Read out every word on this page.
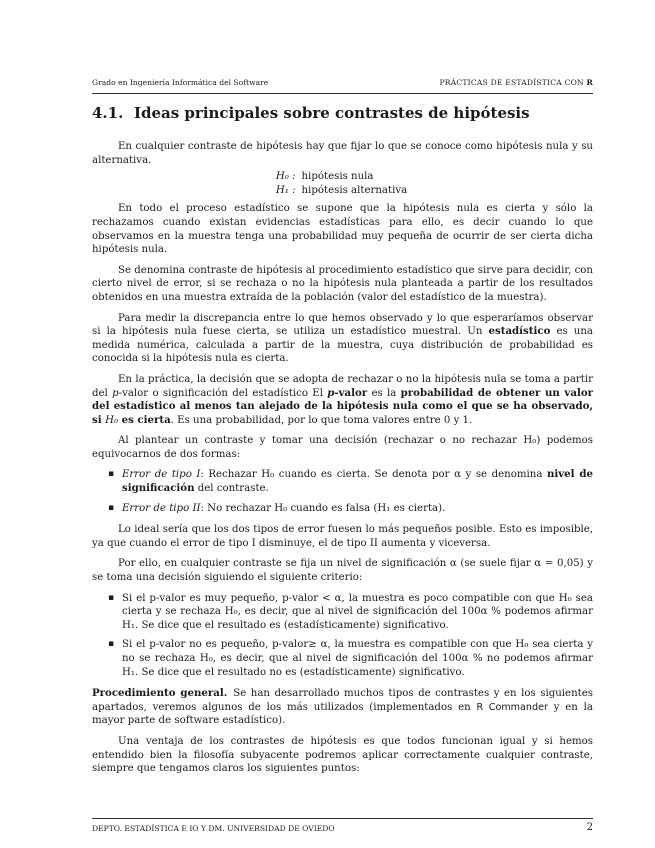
Grado en Ingeniería Informática del Software	PRÁCTICAS DE ESTADÍSTICA CON R
4.1. Ideas principales sobre contrastes de hipótesis

En cualquier contraste de hipótesis hay que fijar lo que se conoce como hipótesis nula y su alternativa.

H₀ : hipótesis nula
H₁ : hipótesis alternativa

En todo el proceso estadístico se supone que la hipótesis nula es cierta y sólo la rechazamos cuando existan evidencias estadísticas para ello, es decir cuando lo que observamos en la muestra tenga una probabilidad muy pequeña de ocurrir de ser cierta dicha hipótesis nula.

Se denomina contraste de hipótesis al procedimiento estadístico que sirve para decidir, con cierto nivel de error, si se rechaza o no la hipótesis nula planteada a partir de los resultados obtenidos en una muestra extraída de la población (valor del estadístico de la muestra).

Para medir la discrepancia entre lo que hemos observado y lo que esperaríamos observar si la hipótesis nula fuese cierta, se utiliza un estadístico muestral. Un estadístico es una medida numérica, calculada a partir de la muestra, cuya distribución de probabilidad es conocida si la hipótesis nula es cierta.

En la práctica, la decisión que se adopta de rechazar o no la hipótesis nula se toma a partir del p-valor o significación del estadístico El p-valor es la probabilidad de obtener un valor del estadístico al menos tan alejado de la hipótesis nula como el que se ha observado, si H₀ es cierta. Es una probabilidad, por lo que toma valores entre 0 y 1.

Al plantear un contraste y tomar una decisión (rechazar o no rechazar H₀) podemos equivocarnos de dos formas:

▪ Error de tipo I: Rechazar H₀ cuando es cierta. Se denota por α y se denomina nivel de significación del contraste.
▪ Error de tipo II: No rechazar H₀ cuando es falsa (H₁ es cierta).

Lo ideal sería que los dos tipos de error fuesen lo más pequeños posible. Esto es imposible, ya que cuando el error de tipo I disminuye, el de tipo II aumenta y viceversa.

Por ello, en cualquier contraste se fija un nivel de significación α (se suele fijar α = 0,05) y se toma una decisión siguiendo el siguiente criterio:

▪ Si el p-valor es muy pequeño, p-valor < α, la muestra es poco compatible con que H₀ sea cierta y se rechaza H₀, es decir, que al nivel de significación del 100α % podemos afirmar H₁. Se dice que el resultado es (estadísticamente) significativo.
▪ Si el p-valor no es pequeño, p-valor≥ α, la muestra es compatible con que H₀ sea cierta y no se rechaza H₀, es decir, que al nivel de significación del 100α % no podemos afirmar H₁. Se dice que el resultado no es (estadísticamente) significativo.

Procedimiento general. Se han desarrollado muchos tipos de contrastes y en los siguientes apartados, veremos algunos de los más utilizados (implementados en R Commander y en la mayor parte de software estadístico).

Una ventaja de los contrastes de hipótesis es que todos funcionan igual y si hemos entendido bien la filosofía subyacente podremos aplicar correctamente cualquier contraste, siempre que tengamos claros los siguientes puntos:

DEPTO. ESTADÍSTICA E IO Y DM. UNIVERSIDAD DE OVIEDO	2
